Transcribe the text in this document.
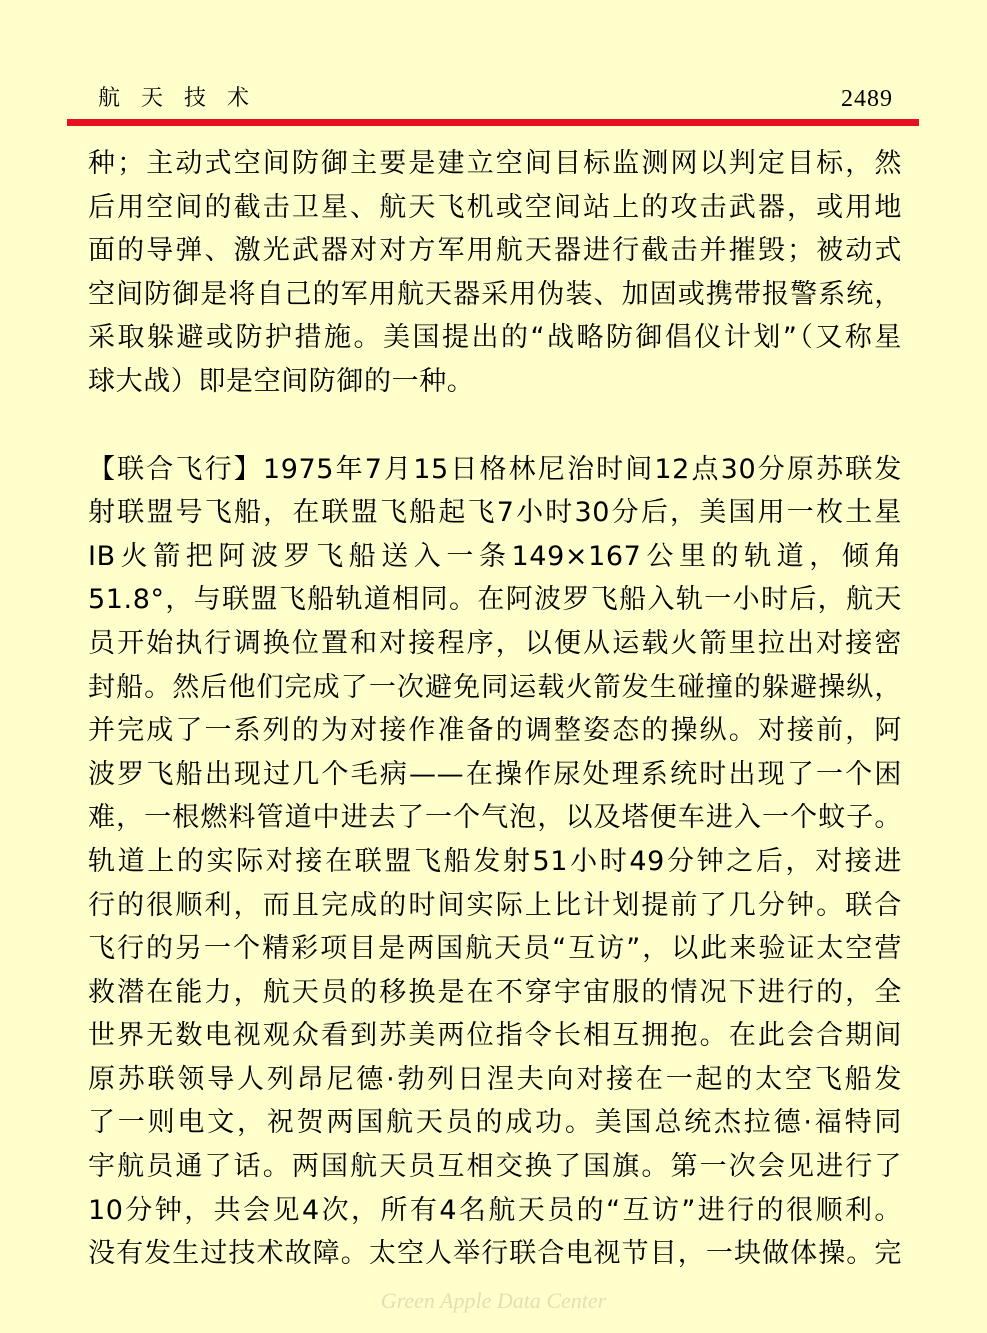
航天技术	2489

种；主动式空间防御主要是建立空间目标监测网以判定目标，然

后用空间的截击卫星、航天飞机或空间站上的攻击武器，或用地

面的导弹、激光武器对对方军用航天器进行截击并摧毁；被动式

空间防御是将自己的军用航天器采用伪装、加固或携带报警系统，

采取躲避或防护措施。美国提出的“战略防御倡仪计划”（又称星

球大战）即是空间防御的一种。

【联合飞行】1975年7月15日格林尼治时间12点30分原苏联发

射联盟号飞船，在联盟飞船起飞7小时30分后，美国用一枚土星

IB火箭把阿波罗飞船送入一条149×167公里的轨道，倾角

51.8°，与联盟飞船轨道相同。在阿波罗飞船入轨一小时后，航天

员开始执行调换位置和对接程序，以便从运载火箭里拉出对接密

封船。然后他们完成了一次避免同运载火箭发生碰撞的躲避操纵，

并完成了一系列的为对接作准备的调整姿态的操纵。对接前，阿

波罗飞船出现过几个毛病——在操作尿处理系统时出现了一个困

难，一根燃料管道中进去了一个气泡，以及塔便车进入一个蚊子。

轨道上的实际对接在联盟飞船发射51小时49分钟之后，对接进

行的很顺利，而且完成的时间实际上比计划提前了几分钟。联合

飞行的另一个精彩项目是两国航天员“互访”，以此来验证太空营

救潜在能力，航天员的移换是在不穿宇宙服的情况下进行的，全

世界无数电视观众看到苏美两位指令长相互拥抱。在此会合期间

原苏联领导人列昂尼德·勃列日涅夫向对接在一起的太空飞船发

了一则电文，祝贺两国航天员的成功。美国总统杰拉德·福特同

宇航员通了话。两国航天员互相交换了国旗。第一次会见进行了

10分钟，共会见4次，所有4名航天员的“互访”进行的很顺利。

没有发生过技术故障。太空人举行联合电视节目，一块做体操。完

Green Apple Data Center
